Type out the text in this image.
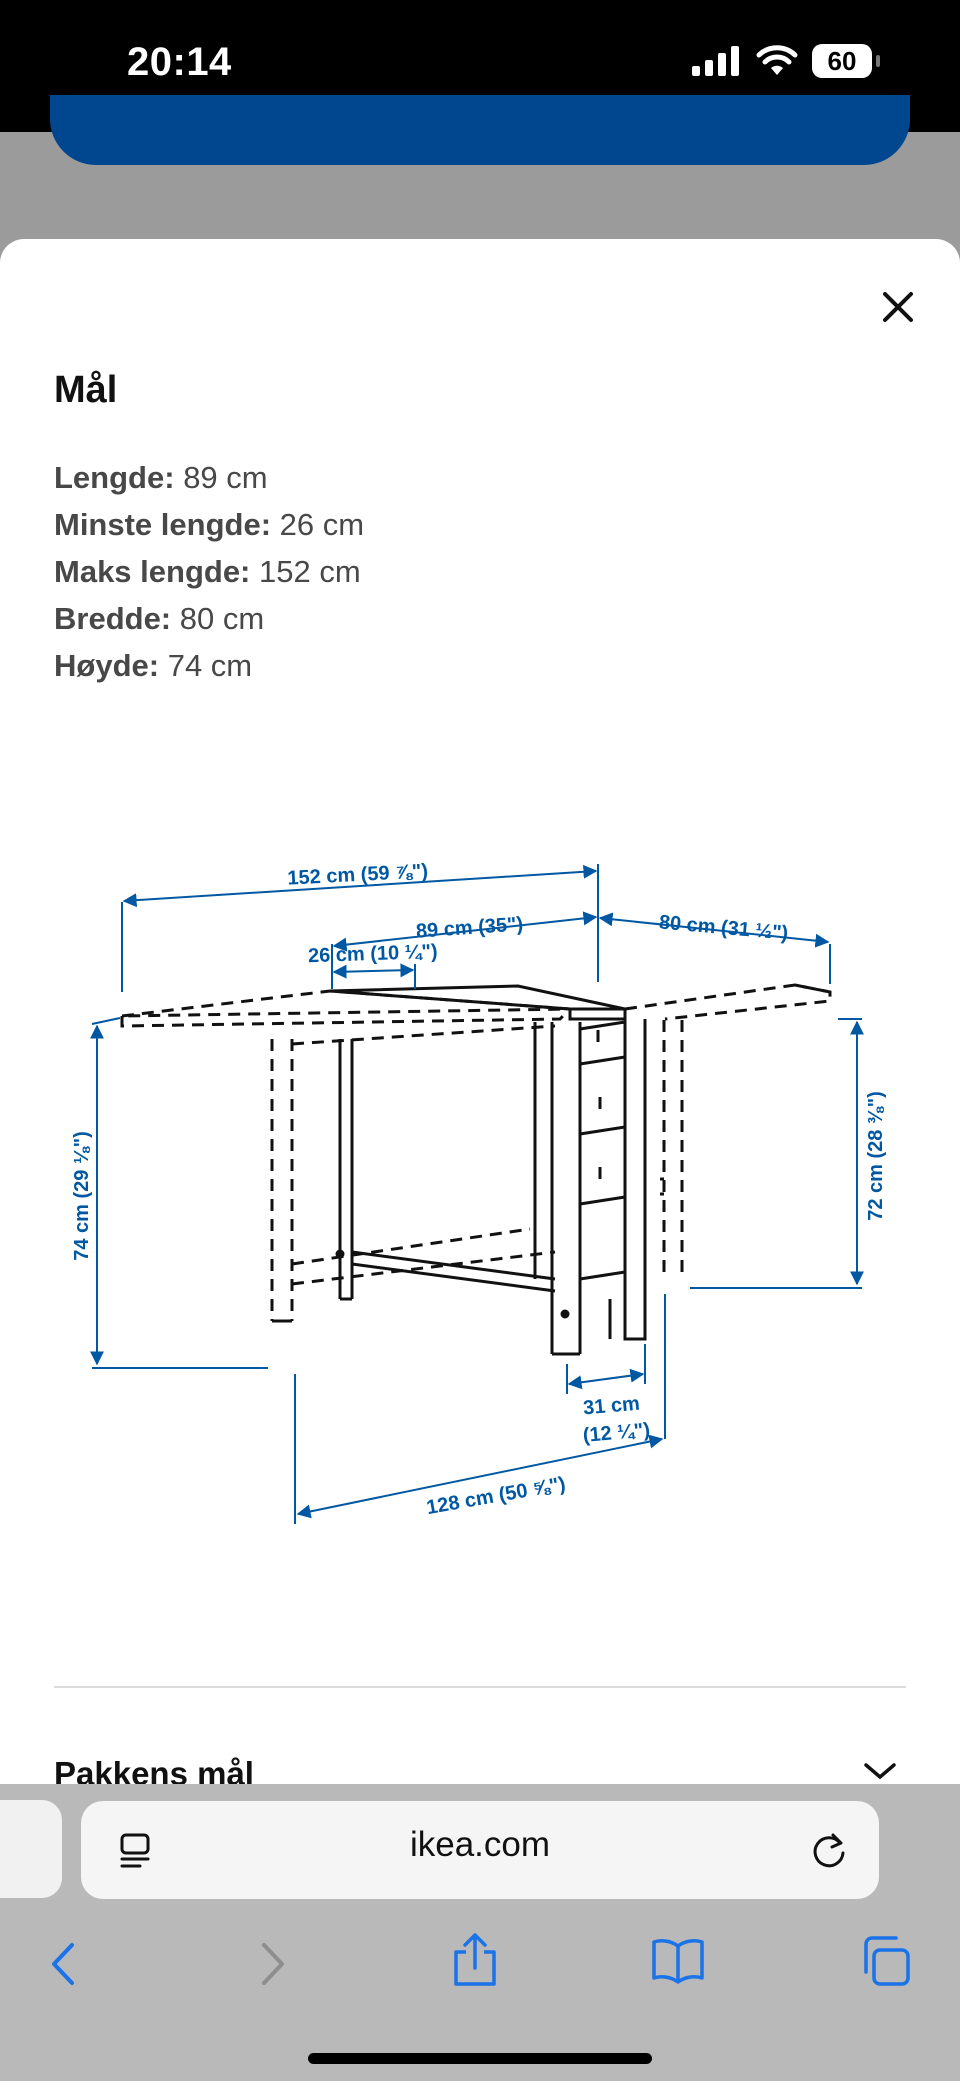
20:14	60
Mål
Lengde: 89 cm
Minste lengde: 26 cm
Maks lengde: 152 cm
Bredde: 80 cm
Høyde: 74 cm
152 cm (59 ⅞")
89 cm (35")	80 cm (31 ½")
26 cm (10 ¼")
74 cm (29 ⅛")	72 cm (28 ⅜")
31 cm
(12 ¼")
128 cm (50 ⅝")
Pakkens mål
ikea.com
